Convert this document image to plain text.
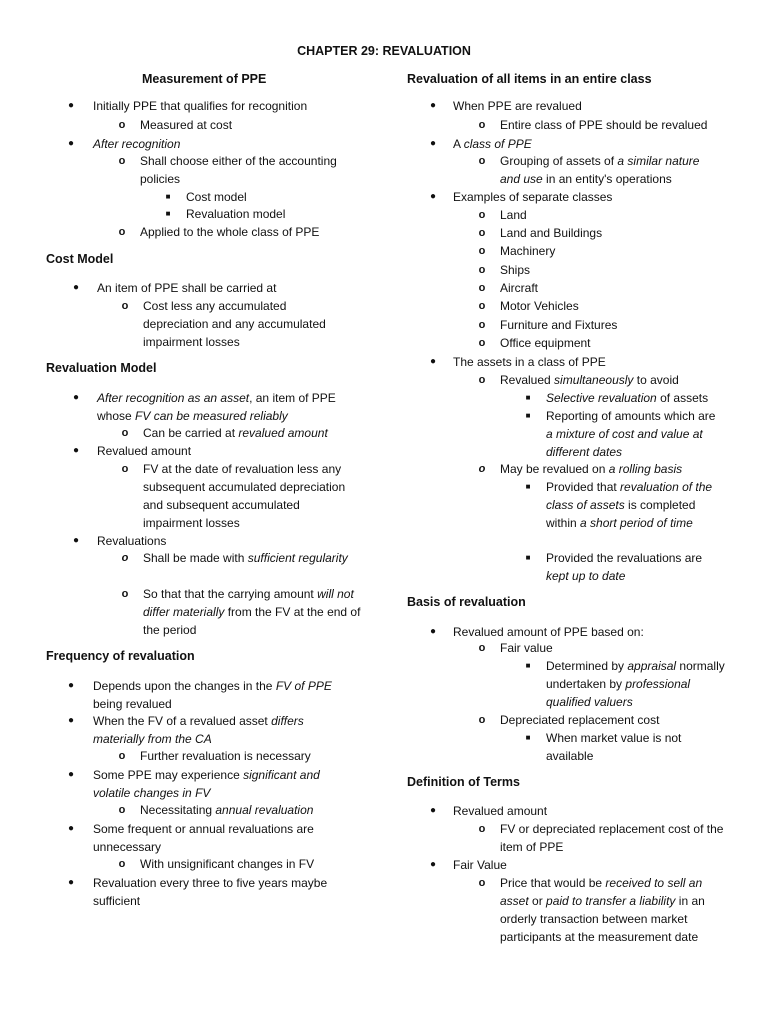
CHAPTER 29: REVALUATION
Measurement of PPE
●	Initially PPE that qualifies for recognition
o	Measured at cost
●	After recognition
o	Shall choose either of the accounting policies
■	Cost model
■	Revaluation model
o	Applied to the whole class of PPE
Cost Model
●	An item of PPE shall be carried at
o	Cost less any accumulated depreciation and any accumulated impairment losses
Revaluation Model
●	After recognition as an asset, an item of PPE whose FV can be measured reliably
o	Can be carried at revalued amount
●	Revalued amount
o	FV at the date of revaluation less any subsequent accumulated depreciation and subsequent accumulated impairment losses
●	Revaluations
o	Shall be made with sufficient regularity
o	So that that the carrying amount will not differ materially from the FV at the end of the period
Frequency of revaluation
●	Depends upon the changes in the FV of PPE being revalued
●	When the FV of a revalued asset differs materially from the CA
o	Further revaluation is necessary
●	Some PPE may experience significant and volatile changes in FV
o	Necessitating annual revaluation
●	Some frequent or annual revaluations are unnecessary
o	With unsignificant changes in FV
●	Revaluation every three to five years maybe sufficient
Revaluation of all items in an entire class
●	When PPE are revalued
o	Entire class of PPE should be revalued
●	A class of PPE
o	Grouping of assets of a similar nature and use in an entity's operations
●	Examples of separate classes
o	Land
o	Land and Buildings
o	Machinery
o	Ships
o	Aircraft
o	Motor Vehicles
o	Furniture and Fixtures
o	Office equipment
●	The assets in a class of PPE
o	Revalued simultaneously to avoid
■	Selective revaluation of assets
■	Reporting of amounts which are a mixture of cost and value at different dates
o	May be revalued on a rolling basis
■	Provided that revaluation of the class of assets is completed within a short period of time
■	Provided the revaluations are kept up to date
Basis of revaluation
●	Revalued amount of PPE based on:
o	Fair value
■	Determined by appraisal normally undertaken by professional qualified valuers
o	Depreciated replacement cost
■	When market value is not available
Definition of Terms
●	Revalued amount
o	FV or depreciated replacement cost of the item of PPE
●	Fair Value
o	Price that would be received to sell an asset or paid to transfer a liability in an orderly transaction between market participants at the measurement date
